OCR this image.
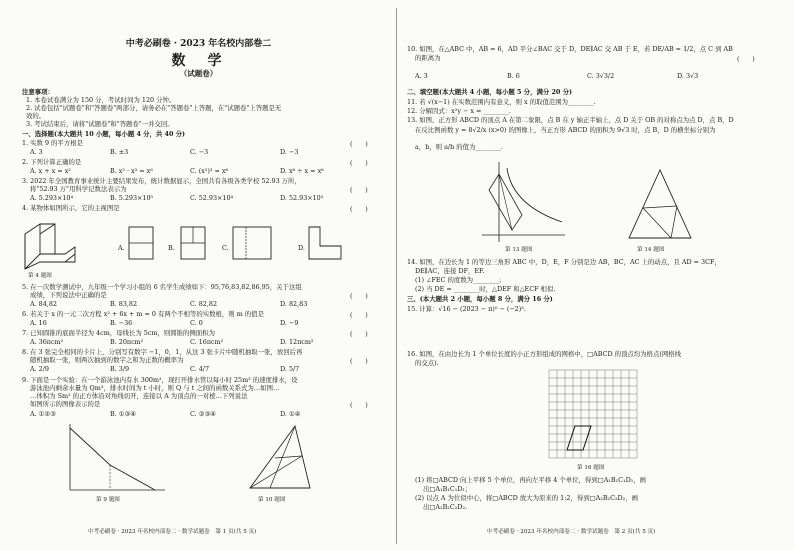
中考必刷卷 · 2023 年名校内部卷二
数　学
（试题卷）
注意事项：
1. 本卷试卷满分为 150 分，考试时间为 120 分钟。
2. 试卷包括"试题卷"和"答题卷"两部分，请务必在"答题卷"上答题，在"试题卷"上答题是无
效的。
3. 考试结束后，请将"试题卷"和"答题卷"一并交回。
一、选择题(本大题共 10 小题，每小题 4 分，共 40 分)
1. 实数 9 的平方根是	(　　)
A. 3	B. ±3	C. −3	D. −3
2. 下列计算正确的是	(　　)
A. x + x = x²	B. x² · x³ = x⁶	C. (x²)³ = x⁶	D. x⁶ ÷ x = x⁶
3. 2022 年全国教育事业统计主要结果发布，统计数据显示，全国共有各级各类学校 52.93 万所，
将"52.93 万"用科学记数法表示为	(　　)
A. 5.293×10⁴	B. 5.293×10⁵	C. 52.93×10⁴	D. 52.93×10⁵
4. 某物体如图所示，它的主视图是	(　　)
第 4 题图
A.	B.	C.	D.
5. 在一次数学测试中，九年级一个学习小组的 6 名学生成绩如下：95,76,83,82,86,95，关于这组
成绩，下列说法中正确的是	(　　)
A. 84,82	B. 83,82	C. 82,82	D. 82,83
6. 若关于 x 的一元二次方程 x² + 6x + m = 0 有两个不相等的实数根，则 m 的值是	(　　)
A. 16	B. −36	C. 0	D. −9
7. 已知圆锥的底面半径为 4cm，母线长为 5cm，则圆锥的侧面积为	(　　)
A. 36πcm²	B. 20πcm²	C. 16πcm²	D. 12πcm²
8. 在 3 张完全相同的卡片上，分别写有数字 −1，0，1，从这 3 张卡片中随机抽取一张，放回后再
随机抽取一张，则两次抽到的数字之和为正数的概率为	(　　)
A. 2/9	B. 3/9	C. 4/7	D. 5/7
9. 下面是一个实验：在一个游泳池内有水 300m³，现打开排水管以每小时 25m³ 的速度排水，设
游泳池内剩余水量为 Qm³，排水时间为 t 小时，则 Q 与 t 之间的函数关系式为…如图…
…体积为 Sm² 的正方体沿对角线切开，连接以 A 为顶点的一对棱…下列说法
如图所示的图像表示的是	(　　)
A. ①②③	B. ①③④	C. ②③④	D. ①④
第 9 题图	第 10 题图
中考必刷卷 · 2023 年名校内部卷二 · 数学试题卷　第 1 页(共 5 页)
10. 如图，在△ABC 中，AB = 6，AD 平分∠BAC 交于 D，DE∥AC 交 AB 于 E，若 DE/AB = 1/2，点 C 到 AB
的距离为	(　　)
A. 3	B. 6	C. 3√3/2	D. 3√3
二、填空题(本大题共 4 小题，每小题 5 分，满分 20 分)
11. 若 √(x−1) 在实数范围内有意义，则 x 的取值范围为________.
12. 分解因式：x²y − x = ________.
13. 如图，正方形 ABCD 的顶点 A 在第二象限，点 B 在 y 轴正半轴上，点 D 关于 OB 的对称点为点 D，点 B，D
在反比例函数 y = 8√2/x (x>0) 的图像上，当正方形 ABCD 的面积为 9√3 时，点 B，D 的横坐标分别为
a，b，则 a/b 的值为________.
第 13 题图	第 14 题图
14. 如图，在边长为 1 的等边三角形 ABC 中，D，E，F 分别是边 AB，BC，AC 上的动点，且 AD = 3CF，
DE∥AC，连接 DF，EF.
(1) ∠FEC 的度数为________；
(2) 当 DE = ________时，△DEF 和△ECF 相似.
三、(本大题共 2 小题，每小题 8 分，满分 16 分)
15. 计算：√16 − (2023 − π)⁰ − (−2)³.
16. 如图，在由边长为 1 个单位长度的小正方形组成的网格中，□ABCD 的顶点均为格点(网格线
的交点).
第 16 题图
(1) 将□ABCD 向上平移 5 个单位，再向左平移 4 个单位，得到□A₁B₁C₁D₁，画
出□A₁B₁C₁D₁；
(2) 以点 A 为位似中心，将□ABCD 放大为原来的 1:2，得到□A₂B₂C₂D₂，画
出□A₂B₂C₂D₂.
中考必刷卷 · 2023 年名校内部卷二 · 数学试题卷　第 2 页(共 5 页)
